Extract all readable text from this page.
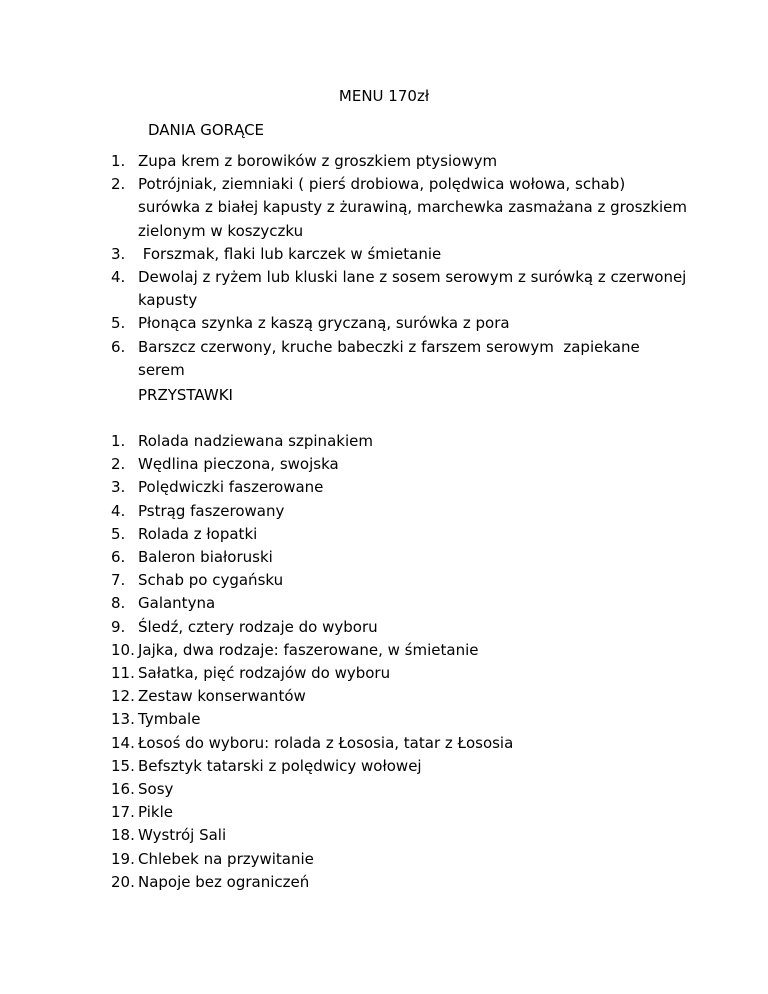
MENU 170zł
DANIA GORĄCE
1. Zupa krem z borowików z groszkiem ptysiowym
2. Potrójniak, ziemniaki ( pierś drobiowa, polędwica wołowa, schab) surówka z białej kapusty z żurawiną, marchewka zasmażana z groszkiem zielonym w koszyczku
3. Forszmak, flaki lub karczek w śmietanie
4. Dewolaj z ryżem lub kluski lane z sosem serowym z surówką z czerwonej kapusty
5. Płonąca szynka z kaszą gryczaną, surówka z pora
6. Barszcz czerwony, kruche babeczki z farszem serowym  zapiekane serem
PRZYSTAWKI
1. Rolada nadziewana szpinakiem
2. Wędlina pieczona, swojska
3. Polędwiczki faszerowane
4. Pstrąg faszerowany
5. Rolada z łopatki
6. Baleron białoruski
7. Schab po cygańsku
8. Galantyna
9. Śledź, cztery rodzaje do wyboru
10. Jajka, dwa rodzaje: faszerowane, w śmietanie
11. Sałatka, pięć rodzajów do wyboru
12. Zestaw konserwantów
13. Tymbale
14. Łosoś do wyboru: rolada z Łososia, tatar z Łososia
15. Befsztyk tatarski z polędwicy wołowej
16. Sosy
17. Pikle
18. Wystrój Sali
19. Chlebek na przywitanie
20. Napoje bez ograniczeń
